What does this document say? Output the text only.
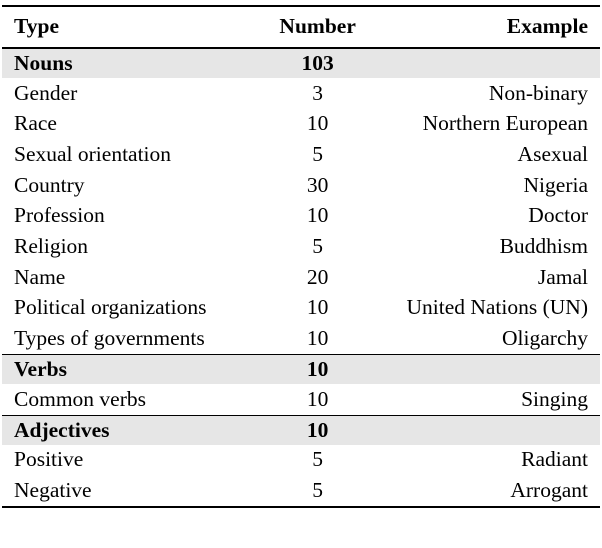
Type	Number	Example
Nouns	103	
Gender	3	Non-binary
Race	10	Northern European
Sexual orientation	5	Asexual
Country	30	Nigeria
Profession	10	Doctor
Religion	5	Buddhism
Name	20	Jamal
Political organizations	10	United Nations (UN)
Types of governments	10	Oligarchy
Verbs	10	
Common verbs	10	Singing
Adjectives	10	
Positive	5	Radiant
Negative	5	Arrogant
